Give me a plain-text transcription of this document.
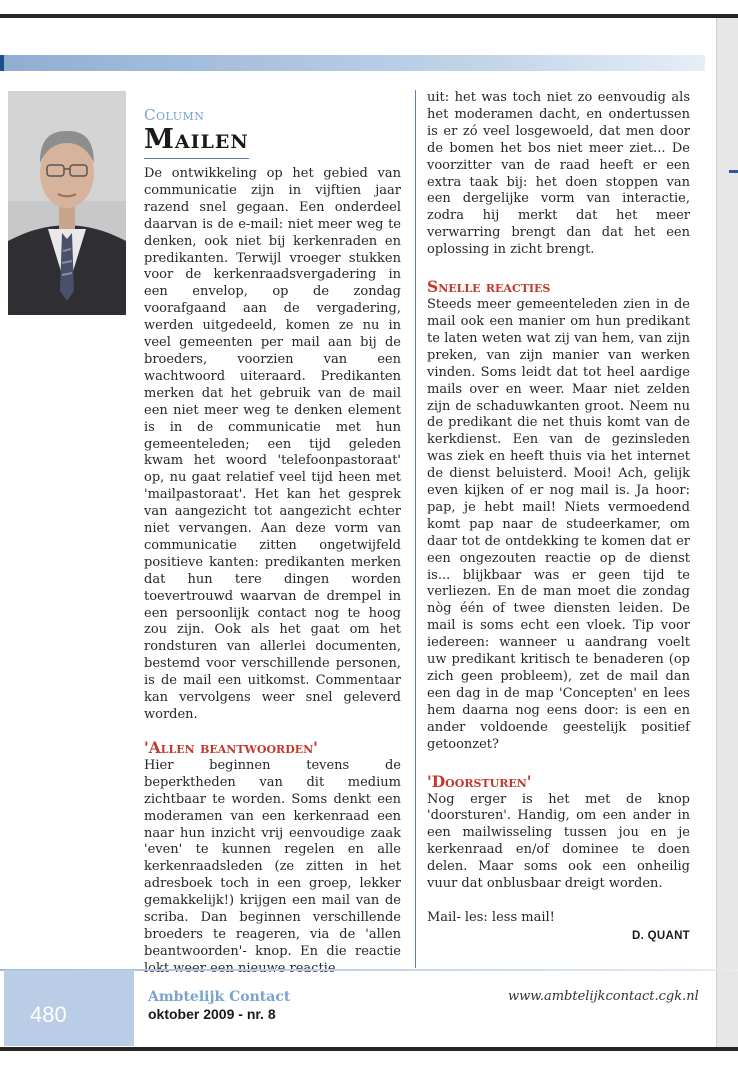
Column

Mailen

De ontwikkeling op het gebied van communicatie zijn in vijftien jaar razend snel gegaan. Een onderdeel daarvan is de e-mail: niet meer weg te denken, ook niet bij kerkenraden en predikanten. Terwijl vroeger stukken voor de kerkenraadsvergadering in een envelop, op de zondag voorafgaand aan de vergadering, werden uitgedeeld, komen ze nu in veel gemeenten per mail aan bij de broeders, voorzien van een wachtwoord uiteraard. Predikanten merken dat het gebruik van de mail een niet meer weg te denken element is in de communicatie met hun gemeenteleden; een tijd geleden kwam het woord 'telefoonpastoraat' op, nu gaat relatief veel tijd heen met 'mailpastoraat'. Het kan het gesprek van aangezicht tot aangezicht echter niet vervangen. Aan deze vorm van communicatie zitten ongetwijfeld positieve kanten: predikanten merken dat hun tere dingen worden toevertrouwd waarvan de drempel in een persoonlijk contact nog te hoog zou zijn. Ook als het gaat om het rondsturen van allerlei documenten, bestemd voor verschillende personen, is de mail een uitkomst. Commentaar kan vervolgens weer snel geleverd worden.

'Allen beantwoorden'

Hier beginnen tevens de beperktheden van dit medium zichtbaar te worden. Soms denkt een moderamen van een kerkenraad een naar hun inzicht vrij eenvoudige zaak 'even' te kunnen regelen en alle kerkenraadsleden (ze zitten in het adresboek toch in een groep, lekker gemakkelijk!) krijgen een mail van de scriba. Dan beginnen verschillende broeders te reageren, via de 'allen beantwoorden'- knop. En die reactie

uit: het was toch niet zo eenvoudig als het moderamen dacht, en ondertussen is er zó veel losgewoeld, dat men door de bomen het bos niet meer ziet... De voorzitter van de raad heeft er een extra taak bij: het doen stoppen van een dergelijke vorm van interactie, zodra hij merkt dat het meer verwarring brengt dan dat het een oplossing in zicht brengt.

Snelle reacties

Steeds meer gemeenteleden zien in de mail ook een manier om hun predikant te laten weten wat zij van hem, van zijn preken, van zijn manier van werken vinden. Soms leidt dat tot heel aardige mails over en weer. Maar niet zelden zijn de schaduwkanten groot. Neem nu de predikant die net thuis komt van de kerkdienst. Een van de gezinsleden was ziek en heeft thuis via het internet de dienst beluisterd. Mooi! Ach, gelijk even kijken of er nog mail is. Ja hoor: pap, je hebt mail! Niets vermoedend komt pap naar de studeerkamer, om daar tot de ontdekking te komen dat er een ongezouten reactie op de dienst is... blijkbaar was er geen tijd te verliezen. En de man moet die zondag nòg één of twee diensten leiden. De mail is soms echt een vloek. Tip voor iedereen: wanneer u aandrang voelt uw predikant kritisch te benaderen (op zich geen probleem), zet de mail dan een dag in de map 'Concepten' en lees hem daarna nog eens door: is een en ander voldoende geestelijk positief getoonzet?

'Doorsturen'

Nog erger is het met de knop 'doorsturen'. Handig, om een ander in een mailwisseling tussen jou en je kerkenraad en/of dominee te doen delen. Maar soms ook een onheilig vuur dat onblusbaar dreigt worden.

Mail- les: less mail!

D. QUANT

480

Ambtelijk Contact

oktober 2009 - nr. 8

www.ambtelijkcontact.cgk.nl
